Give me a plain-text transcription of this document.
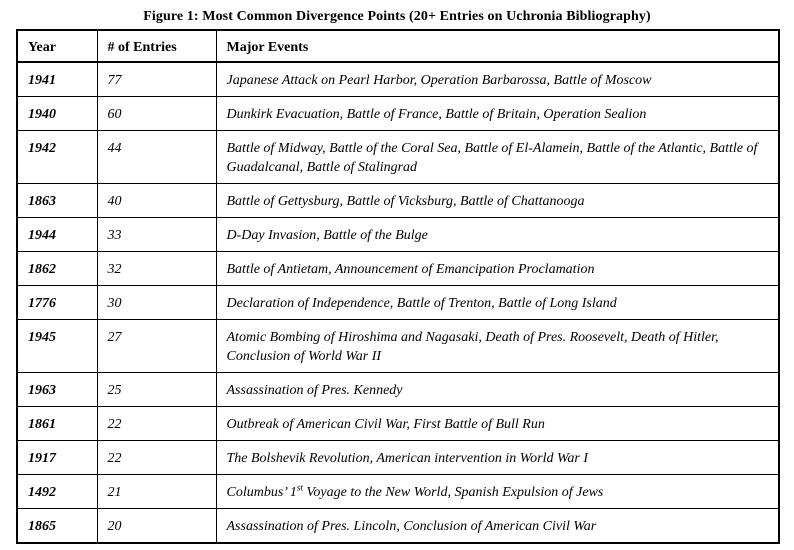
Figure 1: Most Common Divergence Points (20+ Entries on Uchronia Bibliography)
Year	# of Entries	Major Events
1941	77	Japanese Attack on Pearl Harbor, Operation Barbarossa, Battle of Moscow
1940	60	Dunkirk Evacuation, Battle of France, Battle of Britain, Operation Sealion
1942	44	Battle of Midway, Battle of the Coral Sea, Battle of El-Alamein, Battle of the Atlantic, Battle of Guadalcanal, Battle of Stalingrad
1863	40	Battle of Gettysburg, Battle of Vicksburg, Battle of Chattanooga
1944	33	D-Day Invasion, Battle of the Bulge
1862	32	Battle of Antietam, Announcement of Emancipation Proclamation
1776	30	Declaration of Independence, Battle of Trenton, Battle of Long Island
1945	27	Atomic Bombing of Hiroshima and Nagasaki, Death of Pres. Roosevelt, Death of Hitler, Conclusion of World War II
1963	25	Assassination of Pres. Kennedy
1861	22	Outbreak of American Civil War, First Battle of Bull Run
1917	22	The Bolshevik Revolution, American intervention in World War I
1492	21	Columbus’ 1st Voyage to the New World, Spanish Expulsion of Jews
1865	20	Assassination of Pres. Lincoln, Conclusion of American Civil War
